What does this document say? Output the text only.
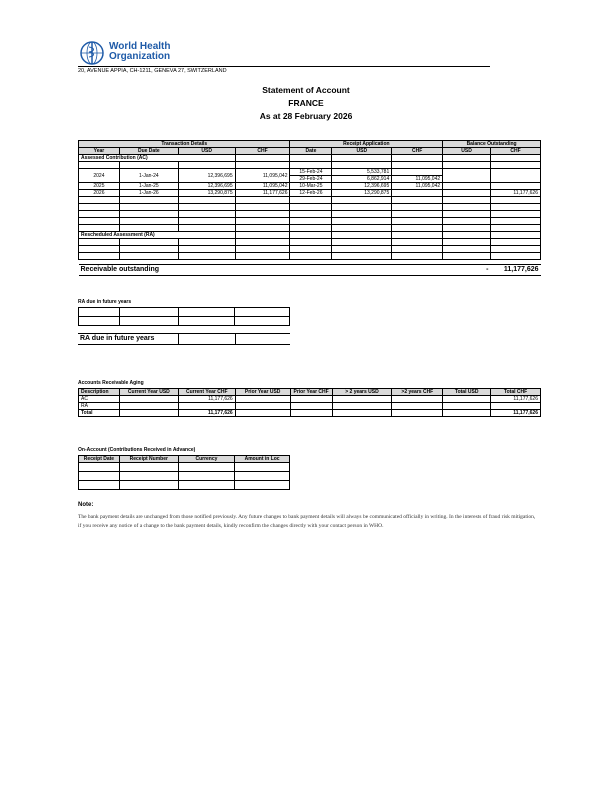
World Health
Organization
20, AVENUE APPIA, CH-1211, GENEVA 27, SWITZERLAND
Statement of Account
FRANCE
As at 28 February 2026
Transaction Details				Receipt Application			Balance Outstanding	
Year	Due Date	USD	CHF	Date	USD	CHF	USD	CHF
Assessed Contribution (AC)								

2024	1-Jan-24	12,396,695	11,095,042	15-Feb-24	5,533,781			
				29-Feb-24	6,862,914	11,095,042		
2025	1-Jan-25	12,396,695	11,095,042	10-Mar-25	12,396,695	11,095,042		
2026	1-Jan-26	13,290,875	11,177,626	12-Feb-26	13,290,875			11,177,626

Rescheduled Assessment (RA)								

Receivable outstanding							-	11,177,626
RA due in future years

RA due in future years		
Accounts Receivable Aging
Description	Current Year USD	Current Year CHF	Prior Year USD	Prior Year CHF	> 2 years USD	>2 years CHF	Total USD	Total CHF
AC		11,177,626						11,177,626
RA								
Total		11,177,626						11,177,626
On-Account (Contributions Received in Advance)
Receipt Date	Receipt Number	Currency	Amount in Loc

Note:
The bank payment details are unchanged from those notified previously. Any future changes to bank payment details will always be communicated officially in writing. In the interests of fraud risk mitigation, if you receive any notice of a change to the bank payment details, kindly reconfirm the changes directly with your contact person in WHO.
